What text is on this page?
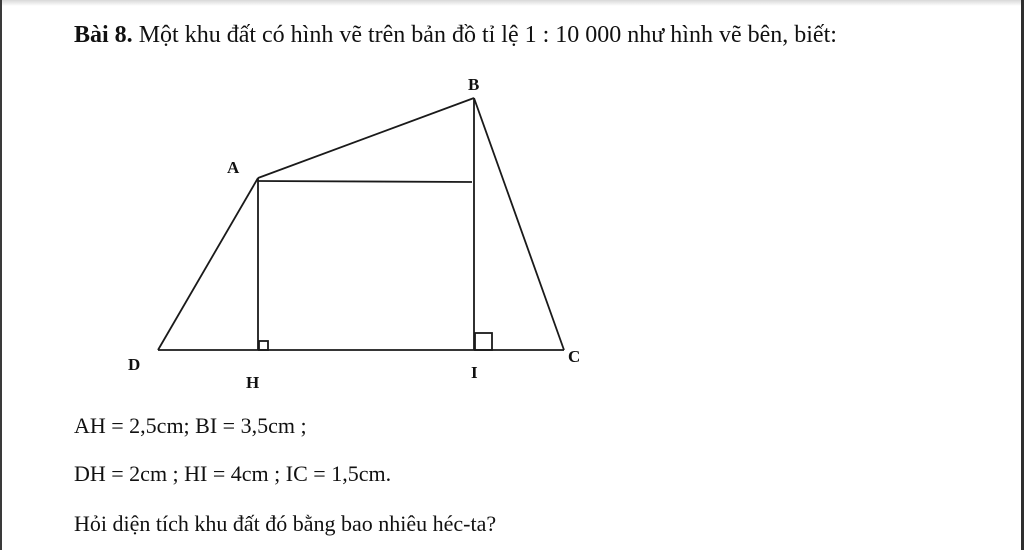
Bài 8. Một khu đất có hình vẽ trên bản đồ tỉ lệ 1 : 10 000 như hình vẽ bên, biết:
B
A
D
H
I
C
AH = 2,5cm; BI = 3,5cm ;
DH = 2cm ; HI = 4cm ; IC = 1,5cm.
Hỏi diện tích khu đất đó bằng bao nhiêu héc-ta?
